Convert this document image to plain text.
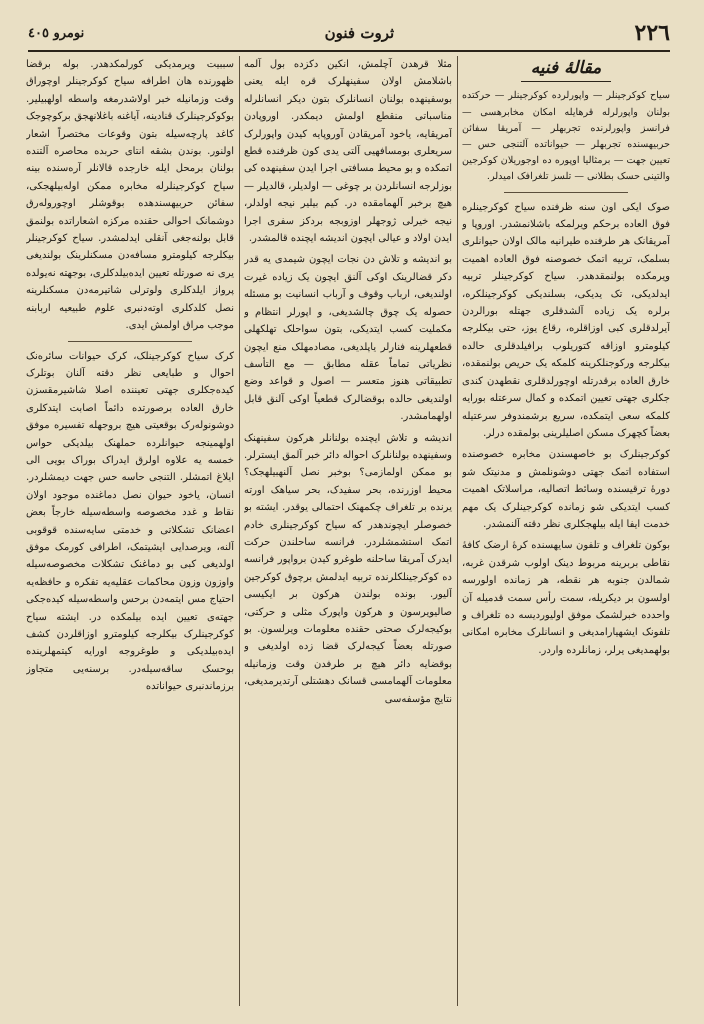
٢٢٦
ثروت فنون
نومرو ٤٠٥
مقالهٔ فنیه

سیاح کوکرجینلر — واپورلرده کوکرجینلر — حرکتده بولنان واپورلرله قرهایله امکان مخابرهسی — فرانسز واپورلرنده تجربهلر — آمریقا سفائن حربیهسنده تجربهلر — حیواناتده آلتنجی حس — تعیین جهت — برمثالیا اوپوره ده اوجوریلان کوکرجین والتینی حسک بطلانی — تلسز تلغرافک امیدلر.

صوک ایکی اون سنه ظرفنده سیاح کوکرجینلره فوق العاده برحکم ویرلمکه باشلانمشدر. اوروپا و آمریقانک هر طرفنده طیرانیه مالک اولان حیوانلری بسلمک، تربیه اتمک خصوصنه فوق العاده اهمیت ویرمکده بولنمقدهدر. سیاح کوکرجینلر تربیه ایدلدیکی، تک یدیکی، بسلندیکی کوکرجینلکره، برلره یک زیاده آلشدقلری جهتله بورالردن آیرلدقلری کبی اوزاقلره، رقاع یوز، حتی بیکلرجه کیلومترو اوزاقه کتوریلوب برافیلدقلری حالده بیکلرجه ورکوجنلکرینه کلمکه یک حریص بولنمقده، خارق العاده برقدرتله اوچورلدقلری نقطهدن کندی جکلری جهتی تعیین اتمکده و کمال سرعتله بورایه کلمکه سعی ایتمکده، سریع برشمندوفر سرعتیله بعضاً کچهرک مسکن اصلیلرینی بولمقده درلر.

کوکرجینلرک بو خاصهسندن مخابره خصوصنده استفاده اتمک جهتی دوشونلمش و مدنیتک شو دورهٔ ترقیسنده وسائط اتصالیه، مراسلاتک اهمیت کسب ایتدیکی شو زمانده کوکرجینلرک یک مهم خدمت ایفا ایله بیلهجکلری نظر دقته آلنمشدر.

بوکون تلغراف و تلفون سایهسنده کرهٔ ارضک کافهٔ نقاطی بربرینه مربوط دینک اولوب شرقدن غربه، شمالدن جنوبه هر نقطه، هر زمانده اولورسه اولسون بر دیکریله، سمت رأس سمت قدمیله آن واحدده خبرلشمک موفق اولیوردیسه ده تلغراف و تلفونک ایشهیارامدیغی و انسانلرک مخابره امکانی بولهمدیغی یرلر، زمانلرده واردر.

مثلا قرهدن آچلمش، انکین دکزده بول آلمه باشلامش اولان سفینهلرک قره ایله یعنی بوسفینهده بولنان انسانلرک بتون دیکر انسانلرله مناسباتی منقطع اولمش دیمکدر. اوروپادن آمریقایه، یاخود آمریقادن آوروپایه کیدن واپورلرک سریعلری بومسافهیی آلتی یدی کون ظرفنده قطع اتمکده و بو محیط مسافتی اجرا ایدن سفینهده کی بوزلرجه انسانلردن بر چوغی — اولدیلر، قالدیلر — هیچ برخبر آلهمامقده در. کیم بیلیر نیجه اولدلر، نیجه خیرلی ژوجهلر اوزوبجه بردکز سفری اجرا ایدن اولاد و عیالی ایچون اندیشه ایچنده قالمشدر.

بو اندیشه و تلاش دن نجات ایچون شیمدی یه قدر دکر قضالرینک اوکی آلنق ایچون یک زیاده غیرت اولندیغی، ارباب وقوف و آرباب انسانیت بو مسئله حصوله یک چوق چالشدیغی، و اپورلر انتظام و مکملیت کسب ایتدیکی، بتون سواحلک تهلکهلی قطعهلرینه فنارلر یاپلدیغی، مصادمهلک منع ایچون نظریاتی تماماً عقله مطابق — مع التأسف تطبیقاتی هنوز متعسر — اصول و قواعد وضع اولندیغی حالده بوقضالرک قطعیاً اوکی آلنق قابل اولهمامشدر.

اندیشه و تلاش ایچنده بولنانلر هرکون سفینهنک وسفینهده بولنانلرک احواله دائر خبر آلمق ایسترلر. بو ممکن اولمازمی؟ بوخبر نصل آلنهبیلهجک؟ محیط اوزرنده، بحر سفیدک، بحر سیاهک اورته یرنده بر تلغراف چکمهنک احتمالی یوقدر. ایشته بو خصوصلر ایچوندهدر که سیاح کوکرجینلری خادم اتمک استشمشلردر. فرانسه ساحلندن حرکت ایدرک آمریقا ساحلنه طوغرو کیدن برواپور فرانسه ده کوکرجینلکلرنده تربیه ایدلمش برچوق کوکرجین آلیور. بونده بولندن هرکون بر ایکیسی صالیویرسون و هرکون واپورک مثلی و حرکتی، بوکیجه‌لرک صحتی حقنده معلومات ویرلسون. بو صورتله بعضاً کیجه‌لرک قضا زده اولدیغی و بوقضایه دائر هیچ بر طرفدن وقت وزمانیله معلومات آلهمامسی قسانک دهشتلی آرتدیرمدیغی، نتایج مؤسفه‌سی

سببیت ویرمدیکی کورلمکدهدر. بوله برقضا ظهورنده هان اطرافه سیاح کوکرجینلر اوچوراق وقت وزمانیله خبر اولاشدرمغه واسطه اولهبیلیر. بوکوکرجینلرک قنادینه، آیاغنه باغلانهجق برکوچوجک کاغد پارچه‌سیله بتون وقوعات مختصراً اشعار اولنور. بوندن بشقه انتای حربده محاصره آلتنده بولنان برمحل ایله خارجده قالانلر آره‌سنده بینه سیاح کوکرجینلرله مخابره ممکن اوله‌بیلهجکی، سفائن حربیهسندهده بوقوشلر اوچوروله‌رق دوشمانک احوالی حقنده مرکزه اشعاراتده بولنمق قابل بولنه‌جغی آنقلی ایدلمشدر. سیاح کوکرجینلر بیکلرجه کیلومترو مسافه‌دن مسکنلرینک بولندیغی یری نه صورتله تعیین ایده‌بیلدکلری، بوجهته نه‌یولده پرواز ایلدکلری ولوترلی شاتیرمه‌دن مسکنلرینه نصل کلدکلری اوته‌دنبری علوم طبیعیه اربابنه موجب مراق اولمش ایدی.

کرک سیاح کوکرجینلک، کرک حیوانات سائره‌نک احوال و طبایعی نظر دقته آلنان بوتلرک کیده‌جکلری جهتی تعیننده اصلا شاشیرمقسزن خارق العاده برصورتده دائماً اصابت ایتدکلری دوشونوله‌رک بوقعیتی هیچ بروجهله تفسیره موفق اولهمینجه حیوانلرده حملهنک بیلدیکی حواس خمسه یه علاوه اولرق ایدراک بوراک بویی الی ایلاغ اتمشلر. التنجی حاسه حس جهت دیمشلردر. انسان، یاخود حیوان نصل دماغنده موجود اولان نقاط و غدد مخصوصه واسطه‌سیله خارجاً بعض اعضانک تشکلاتی و خدمتی سایه‌سنده قوقوبی آلنه، ویرصدایی ایشیتمک، اطرافی کورمک موفق اولدیغی کبی بو دماغنک تشکلات مخصوصه‌سیله واوزون وزون محاکمات عقلیه‌یه تفکره و حافظه‌یه احتیاج مس ایتمه‌دن برحس واسطه‌سیله کیده‌جکی جهته‌ی تعیین ایده بیلمکده در. ایشته سیاح کوکرجینلرک بیکلرجه کیلومترو اوزاقلردن کشف ایده‌بیلدیکی و طوغروجه اورایه کیتمهلرینده بوحسک ساقه‌سیله‌در. برسنه‌یی متجاوز برزماندنبری حیواناتده
